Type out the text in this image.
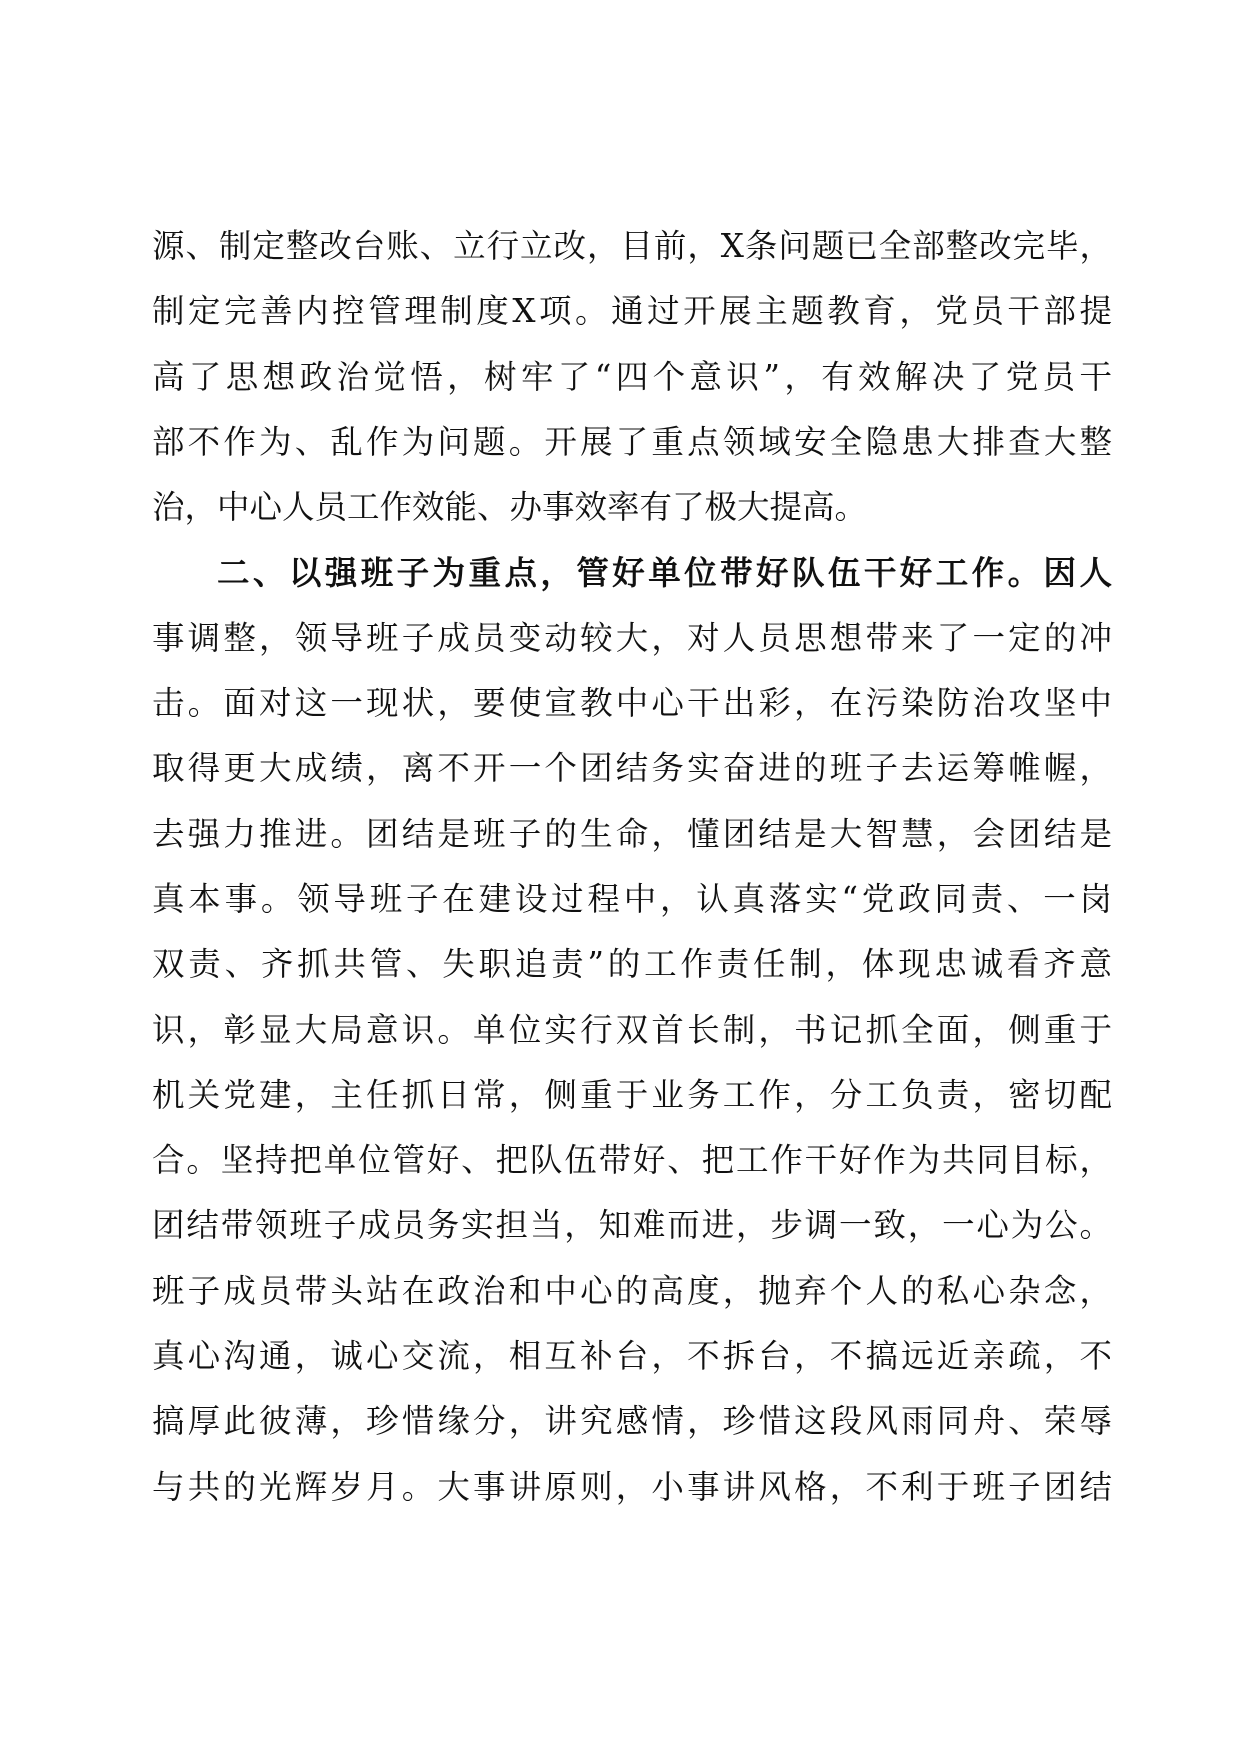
源、制定整改台账、立行立改，目前，X条问题已全部整改完毕，
制定完善内控管理制度X项。通过开展主题教育，党员干部提
高了思想政治觉悟，树牢了“四个意识”，有效解决了党员干
部不作为、乱作为问题。开展了重点领域安全隐患大排查大整
治，中心人员工作效能、办事效率有了极大提高。
二、以强班子为重点，管好单位带好队伍干好工作。因人
事调整，领导班子成员变动较大，对人员思想带来了一定的冲
击。面对这一现状，要使宣教中心干出彩，在污染防治攻坚中
取得更大成绩，离不开一个团结务实奋进的班子去运筹帷幄，
去强力推进。团结是班子的生命，懂团结是大智慧，会团结是
真本事。领导班子在建设过程中，认真落实“党政同责、一岗
双责、齐抓共管、失职追责”的工作责任制，体现忠诚看齐意
识，彰显大局意识。单位实行双首长制，书记抓全面，侧重于
机关党建，主任抓日常，侧重于业务工作，分工负责，密切配
合。坚持把单位管好、把队伍带好、把工作干好作为共同目标，
团结带领班子成员务实担当，知难而进，步调一致，一心为公。
班子成员带头站在政治和中心的高度，抛弃个人的私心杂念，
真心沟通，诚心交流，相互补台，不拆台，不搞远近亲疏，不
搞厚此彼薄，珍惜缘分，讲究感情，珍惜这段风雨同舟、荣辱
与共的光辉岁月。大事讲原则，小事讲风格，不利于班子团结
